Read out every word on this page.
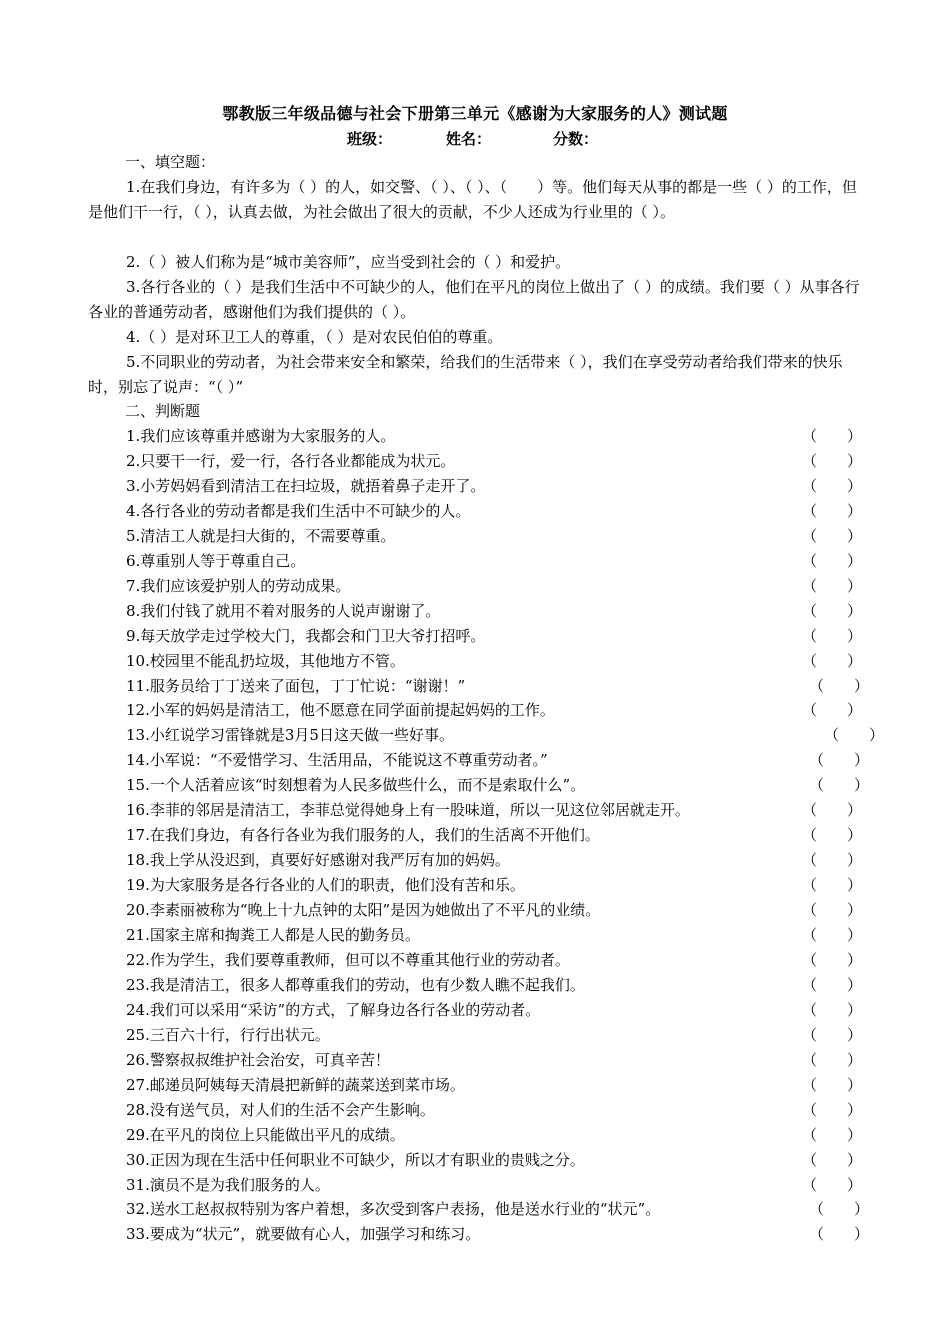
鄂教版三年级品德与社会下册第三单元《感谢为大家服务的人》测试题
班级：	姓名：	分数：
一、填空题：
1.在我们身边，有许多为（ ）的人，如交警、（ ）、（ ）、（　　）等。他们每天从事的都是一些（ ）的工作，但是他们干一行，（ ），认真去做，为社会做出了很大的贡献，不少人还成为行业里的（ ）。
2.（ ）被人们称为是“城市美容师”，应当受到社会的（ ）和爱护。
3.各行各业的（ ）是我们生活中不可缺少的人，他们在平凡的岗位上做出了（ ）的成绩。我们要（ ）从事各行各业的普通劳动者，感谢他们为我们提供的（ ）。
4.（ ）是对环卫工人的尊重，（ ）是对农民伯伯的尊重。
5.不同职业的劳动者，为社会带来安全和繁荣，给我们的生活带来（ ），我们在享受劳动者给我们带来的快乐时，别忘了说声：“（ ）”
二、判断题
1.我们应该尊重并感谢为大家服务的人。	（　　）
2.只要干一行，爱一行，各行各业都能成为状元。	（　　）
3.小芳妈妈看到清洁工在扫垃圾，就捂着鼻子走开了。	（　　）
4.各行各业的劳动者都是我们生活中不可缺少的人。	（　　）
5.清洁工人就是扫大街的，不需要尊重。	（　　）
6.尊重别人等于尊重自己。	（　　）
7.我们应该爱护别人的劳动成果。	（　　）
8.我们付钱了就用不着对服务的人说声谢谢了。	（　　）
9.每天放学走过学校大门，我都会和门卫大爷打招呼。	（　　）
10.校园里不能乱扔垃圾，其他地方不管。	（　　）
11.服务员给丁丁送来了面包，丁丁忙说：“谢谢！”	（　　）
12.小军的妈妈是清洁工，他不愿意在同学面前提起妈妈的工作。	（　　）
13.小红说学习雷锋就是3月5日这天做一些好事。	（　　）
14.小军说：“不爱惜学习、生活用品，不能说这不尊重劳动者。”	（　　）
15.一个人活着应该“时刻想着为人民多做些什么，而不是索取什么”。	（　　）
16.李菲的邻居是清洁工，李菲总觉得她身上有一股味道，所以一见这位邻居就走开。	（　　）
17.在我们身边，有各行各业为我们服务的人，我们的生活离不开他们。	（　　）
18.我上学从没迟到，真要好好感谢对我严厉有加的妈妈。	（　　）
19.为大家服务是各行各业的人们的职责，他们没有苦和乐。	（　　）
20.李素丽被称为“晚上十九点钟的太阳”是因为她做出了不平凡的业绩。	（　　）
21.国家主席和掏粪工人都是人民的勤务员。	（　　）
22.作为学生，我们要尊重教师，但可以不尊重其他行业的劳动者。	（　　）
23.我是清洁工，很多人都尊重我们的劳动，也有少数人瞧不起我们。	（　　）
24.我们可以采用“采访”的方式，了解身边各行各业的劳动者。	（　　）
25.三百六十行，行行出状元。	（　　）
26.警察叔叔维护社会治安，可真辛苦！	（　　）
27.邮递员阿姨每天清晨把新鲜的蔬菜送到菜市场。	（　　）
28.没有送气员，对人们的生活不会产生影响。	（　　）
29.在平凡的岗位上只能做出平凡的成绩。	（　　）
30.正因为现在生活中任何职业不可缺少，所以才有职业的贵贱之分。	（　　）
31.演员不是为我们服务的人。	（　　）
32.送水工赵叔叔特别为客户着想，多次受到客户表扬，他是送水行业的“状元”。	（　　）
33.要成为“状元”，就要做有心人，加强学习和练习。	（　　）
